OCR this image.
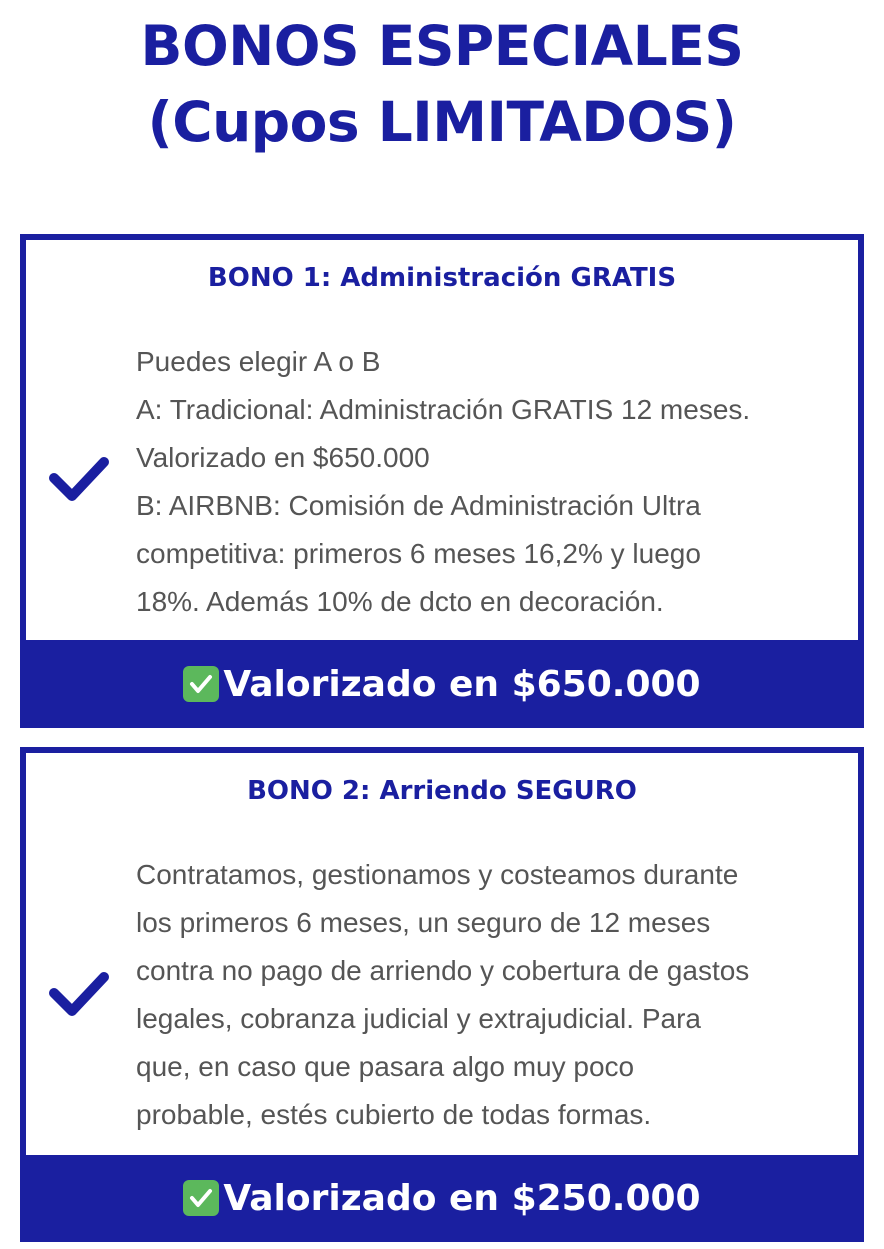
BONOS ESPECIALES
(Cupos LIMITADOS)
BONO 1: Administración GRATIS

Puedes elegir A o B
A: Tradicional: Administración GRATIS 12 meses.
Valorizado en $650.000
B: AIRBNB: Comisión de Administración Ultra
competitiva: primeros 6 meses 16,2% y luego
18%. Además 10% de dcto en decoración.

Valorizado en $650.000
BONO 2: Arriendo SEGURO

Contratamos, gestionamos y costeamos durante
los primeros 6 meses, un seguro de 12 meses
contra no pago de arriendo y cobertura de gastos
legales, cobranza judicial y extrajudicial. Para
que, en caso que pasara algo muy poco
probable, estés cubierto de todas formas.

Valorizado en $250.000
